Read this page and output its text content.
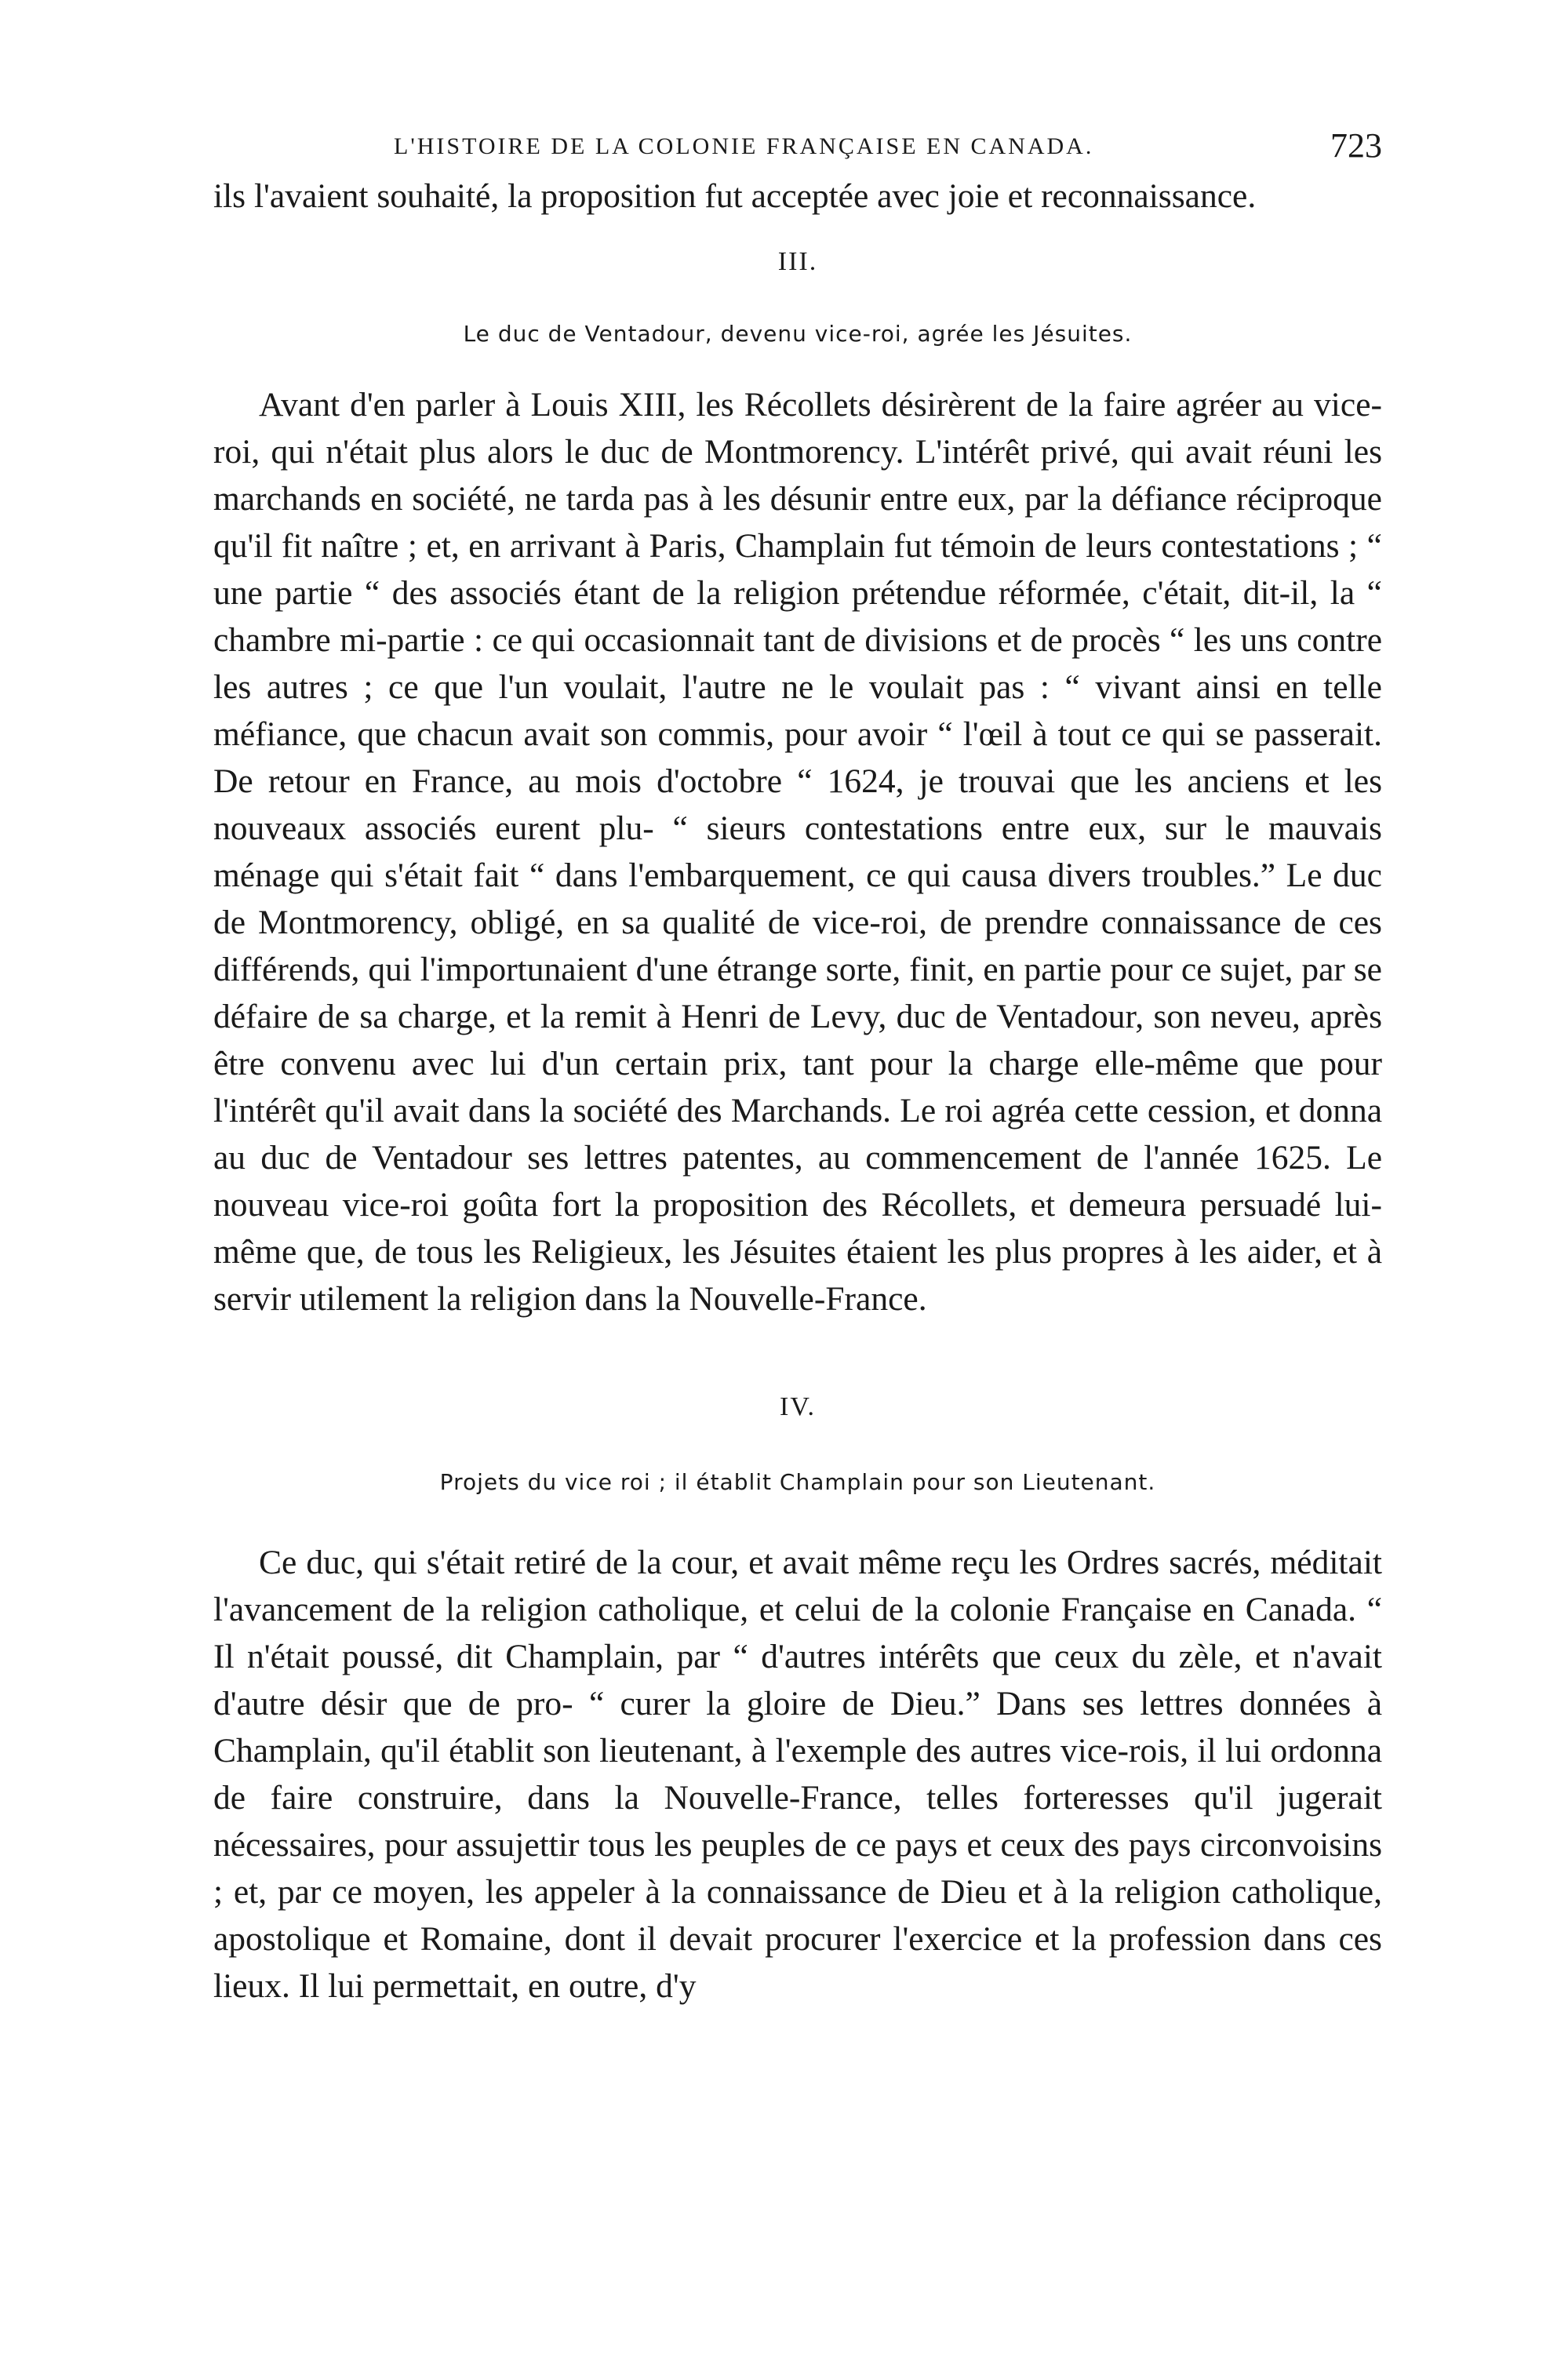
L'HISTOIRE DE LA COLONIE FRANÇAISE EN CANADA.	723

ils l'avaient souhaité, la proposition fut acceptée avec joie et reconnaissance.

III.
Le duc de Ventadour, devenu vice-roi, agrée les Jésuites.

Avant d'en parler à Louis XIII, les Récollets désirèrent de la faire agréer au vice-roi, qui n'était plus alors le duc de Montmorency. L'intérêt privé, qui avait réuni les marchands en société, ne tarda pas à les désunir entre eux, par la défiance réciproque qu'il fit naître ; et, en arrivant à Paris, Champlain fut témoin de leurs contestations ; “ une partie “ des associés étant de la religion prétendue réformée, c'était, dit-il, la “ chambre mi-partie : ce qui occasionnait tant de divisions et de procès “ les uns contre les autres ; ce que l'un voulait, l'autre ne le voulait pas : “ vivant ainsi en telle méfiance, que chacun avait son commis, pour avoir “ l'œil à tout ce qui se passerait. De retour en France, au mois d'octobre “ 1624, je trouvai que les anciens et les nouveaux associés eurent plu- “ sieurs contestations entre eux, sur le mauvais ménage qui s'était fait “ dans l'embarquement, ce qui causa divers troubles.” Le duc de Montmorency, obligé, en sa qualité de vice-roi, de prendre connaissance de ces différends, qui l'importunaient d'une étrange sorte, finit, en partie pour ce sujet, par se défaire de sa charge, et la remit à Henri de Levy, duc de Ventadour, son neveu, après être convenu avec lui d'un certain prix, tant pour la charge elle-même que pour l'intérêt qu'il avait dans la société des Marchands. Le roi agréa cette cession, et donna au duc de Ventadour ses lettres patentes, au commencement de l'année 1625. Le nouveau vice-roi goûta fort la proposition des Récollets, et demeura persuadé lui-même que, de tous les Religieux, les Jésuites étaient les plus propres à les aider, et à servir utilement la religion dans la Nouvelle-France.

IV.
Projets du vice roi ; il établit Champlain pour son Lieutenant.

Ce duc, qui s'était retiré de la cour, et avait même reçu les Ordres sacrés, méditait l'avancement de la religion catholique, et celui de la colonie Française en Canada. “ Il n'était poussé, dit Champlain, par “ d'autres intérêts que ceux du zèle, et n'avait d'autre désir que de pro- “ curer la gloire de Dieu.” Dans ses lettres données à Champlain, qu'il établit son lieutenant, à l'exemple des autres vice-rois, il lui ordonna de faire construire, dans la Nouvelle-France, telles forteresses qu'il jugerait nécessaires, pour assujettir tous les peuples de ce pays et ceux des pays circonvoisins ; et, par ce moyen, les appeler à la connaissance de Dieu et à la religion catholique, apostolique et Romaine, dont il devait procurer l'exercice et la profession dans ces lieux. Il lui permettait, en outre, d'y
